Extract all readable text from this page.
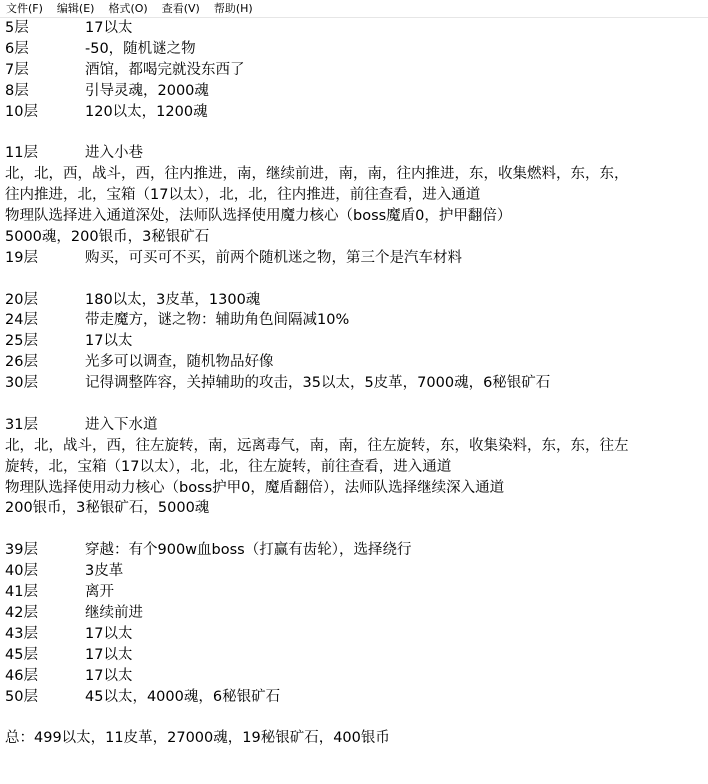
文件(F)	编辑(E)	格式(O)	查看(V)	帮助(H)
5层	17以太
6层	-50，随机谜之物
7层	酒馆，都喝完就没东西了
8层	引导灵魂，2000魂
10层	120以太，1200魂
11层	进入小巷
北，北，西，战斗，西，往内推进，南，继续前进，南，南，往内推进，东，收集燃料，东，东，
往内推进，北，宝箱（17以太），北，北，往内推进，前往查看，进入通道
物理队选择进入通道深处，法师队选择使用魔力核心（boss魔盾0，护甲翻倍）
5000魂，200银币，3秘银矿石
19层	购买，可买可不买，前两个随机迷之物，第三个是汽车材料
20层	180以太，3皮革，1300魂
24层	带走魔方，谜之物：辅助角色间隔减10%
25层	17以太
26层	光多可以调查，随机物品好像
30层	记得调整阵容，关掉辅助的攻击，35以太，5皮革，7000魂，6秘银矿石
31层	进入下水道
北，北，战斗，西，往左旋转，南，远离毒气，南，南，往左旋转，东，收集染料，东，东，往左
旋转，北，宝箱（17以太），北，北，往左旋转，前往查看，进入通道
物理队选择使用动力核心（boss护甲0，魔盾翻倍），法师队选择继续深入通道
200银币，3秘银矿石，5000魂
39层	穿越：有个900w血boss（打赢有齿轮），选择绕行
40层	3皮革
41层	离开
42层	继续前进
43层	17以太
45层	17以太
46层	17以太
50层	45以太，4000魂，6秘银矿石
总：499以太，11皮革，27000魂，19秘银矿石，400银币
